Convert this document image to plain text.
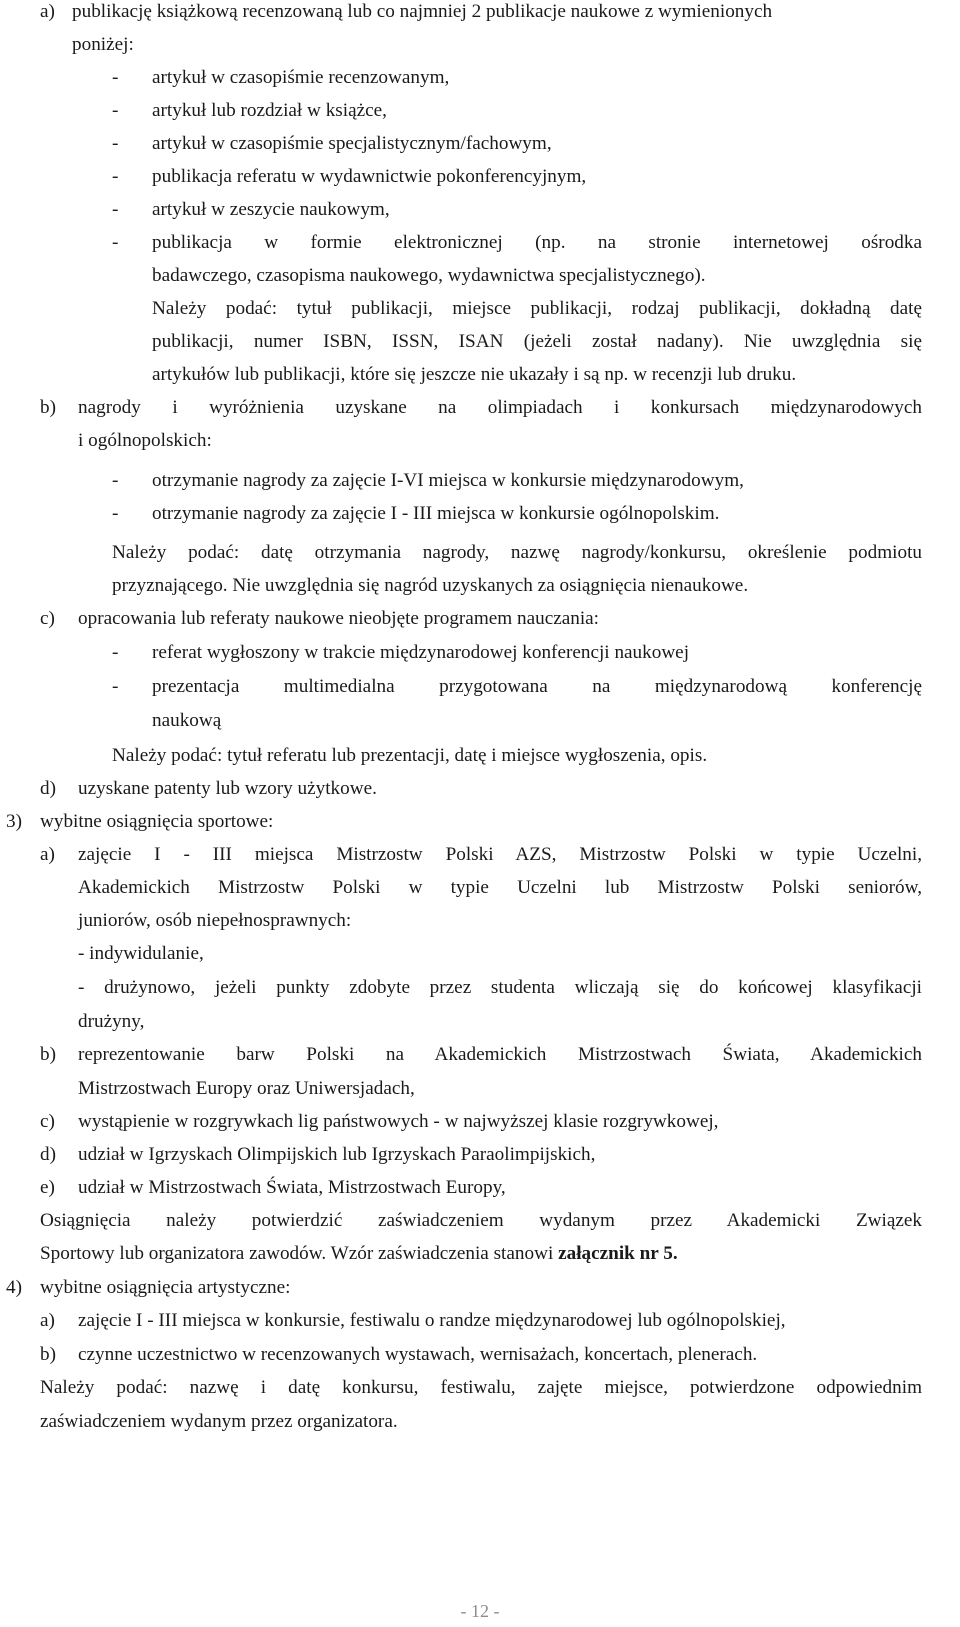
a) publikację książkową recenzowaną lub co najmniej 2 publikacje naukowe z wymienionych
poniżej:
- artykuł w czasopiśmie recenzowanym,
- artykuł lub rozdział w książce,
- artykuł w czasopiśmie specjalistycznym/fachowym,
- publikacja referatu w wydawnictwie pokonferencyjnym,
- artykuł w zeszycie naukowym,
- publikacja w formie elektronicznej (np. na stronie internetowej ośrodka
badawczego, czasopisma naukowego, wydawnictwa specjalistycznego).
Należy podać: tytuł publikacji, miejsce publikacji, rodzaj publikacji, dokładną datę
publikacji, numer ISBN, ISSN, ISAN (jeżeli został nadany). Nie uwzględnia się
artykułów lub publikacji, które się jeszcze nie ukazały i są np. w recenzji lub druku.
b) nagrody i wyróżnienia uzyskane na olimpiadach i konkursach międzynarodowych
i ogólnopolskich:
- otrzymanie nagrody za zajęcie I-VI miejsca w konkursie międzynarodowym,
- otrzymanie nagrody za zajęcie I - III miejsca w konkursie ogólnopolskim.
Należy podać: datę otrzymania nagrody, nazwę nagrody/konkursu, określenie podmiotu
przyznającego. Nie uwzględnia się nagród uzyskanych za osiągnięcia nienaukowe.
c) opracowania lub referaty naukowe nieobjęte programem nauczania:
- referat wygłoszony w trakcie międzynarodowej konferencji naukowej
- prezentacja multimedialna przygotowana na międzynarodową konferencję
naukową
Należy podać: tytuł referatu lub prezentacji, datę i miejsce wygłoszenia, opis.
d) uzyskane patenty lub wzory użytkowe.
3) wybitne osiągnięcia sportowe:
a) zajęcie I - III miejsca Mistrzostw Polski AZS, Mistrzostw Polski w typie Uczelni,
Akademickich Mistrzostw Polski w typie Uczelni lub Mistrzostw Polski seniorów,
juniorów, osób niepełnosprawnych:
- indywidulanie,
- drużynowo, jeżeli punkty zdobyte przez studenta wliczają się do końcowej klasyfikacji
drużyny,
b) reprezentowanie barw Polski na Akademickich Mistrzostwach Świata, Akademickich
Mistrzostwach Europy oraz Uniwersjadach,
c) wystąpienie w rozgrywkach lig państwowych - w najwyższej klasie rozgrywkowej,
d) udział w Igrzyskach Olimpijskich lub Igrzyskach Paraolimpijskich,
e) udział w Mistrzostwach Świata, Mistrzostwach Europy,
Osiągnięcia należy potwierdzić zaświadczeniem wydanym przez Akademicki Związek
Sportowy lub organizatora zawodów. Wzór zaświadczenia stanowi załącznik nr 5.
4) wybitne osiągnięcia artystyczne:
a) zajęcie I - III miejsca w konkursie, festiwalu o randze międzynarodowej lub ogólnopolskiej,
b) czynne uczestnictwo w recenzowanych wystawach, wernisażach, koncertach, plenerach.
Należy podać: nazwę i datę konkursu, festiwalu, zajęte miejsce, potwierdzone odpowiednim
zaświadczeniem wydanym przez organizatora.
- 12 -
